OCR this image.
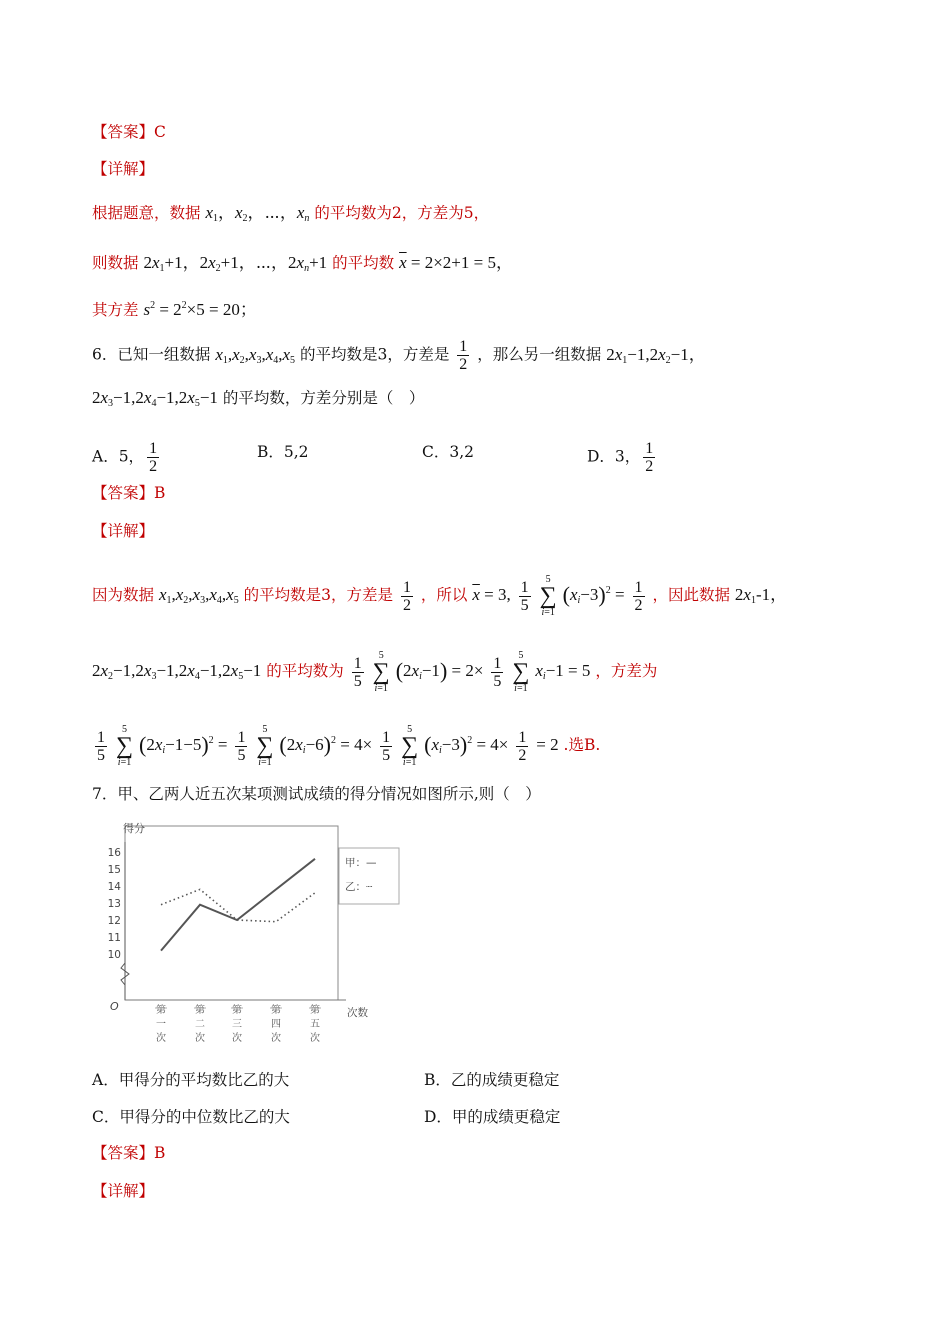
【答案】C
【详解】
根据题意，数据 $x_1$，$x_2$，⋯，$x_n$ 的平均数为2，方差为5，
则数据 $2x_1+1$，$2x_2+1$，⋯，$2x_n+1$ 的平均数 $\overline{x} = 2\times 2+1 = 5$，
其方差 $s^2 = 2^2\times 5 = 20$；
6．已知一组数据 $x_1,x_2,x_3,x_4,x_5$ 的平均数是3，方差是 $\frac{1}{2}$ ，那么另一组数据 $2x_1-1,2x_2-1$，
$2x_3-1,2x_4-1,2x_5-1$ 的平均数，方差分别是（　）
A．5， $\frac{1}{2}$	B．5,2	C．3,2	D．3， $\frac{1}{2}$
【答案】B
【详解】
因为数据 $x_1,x_2,x_3,x_4,x_5$ 的平均数是3，方差是 $\frac{1}{2}$ ，所以 $\overline{x} = 3$, $\frac{1}{5}$
5
∑
i=1
$(x_i-3)^2 = \frac{1}{2}$ ，因此数据 $2x_1-1$，
$2x_2-1,2x_3-1,2x_4-1,2x_5-1$ 的平均数为 $\frac{1}{5}$
5
∑
i=1
$(2x_i-1) = 2\times \frac{1}{5}$
5
∑
i=1
$x_i-1 = 5$ ，方差为
$\frac{1}{5}$
5
∑
i=1
$(2x_i-1-5)^2 = \frac{1}{5}$
5
∑
i=1
$(2x_i-6)^2 = 4\times \frac{1}{5}$
5
∑
i=1
$(x_i-3)^2 = 4\times \frac{1}{2} = 2$ .选B.
7．甲、乙两人近五次某项测试成绩的得分情况如图所示,则（　）
得分
O
10
11
12
13
14
15
16
第
一
次
第
二
次
第
三
次
第
四
次
第
五
次
次数
甲：—
乙：┈
A．甲得分的平均数比乙的大	B．乙的成绩更稳定
C．甲得分的中位数比乙的大	D．甲的成绩更稳定
【答案】B
【详解】
